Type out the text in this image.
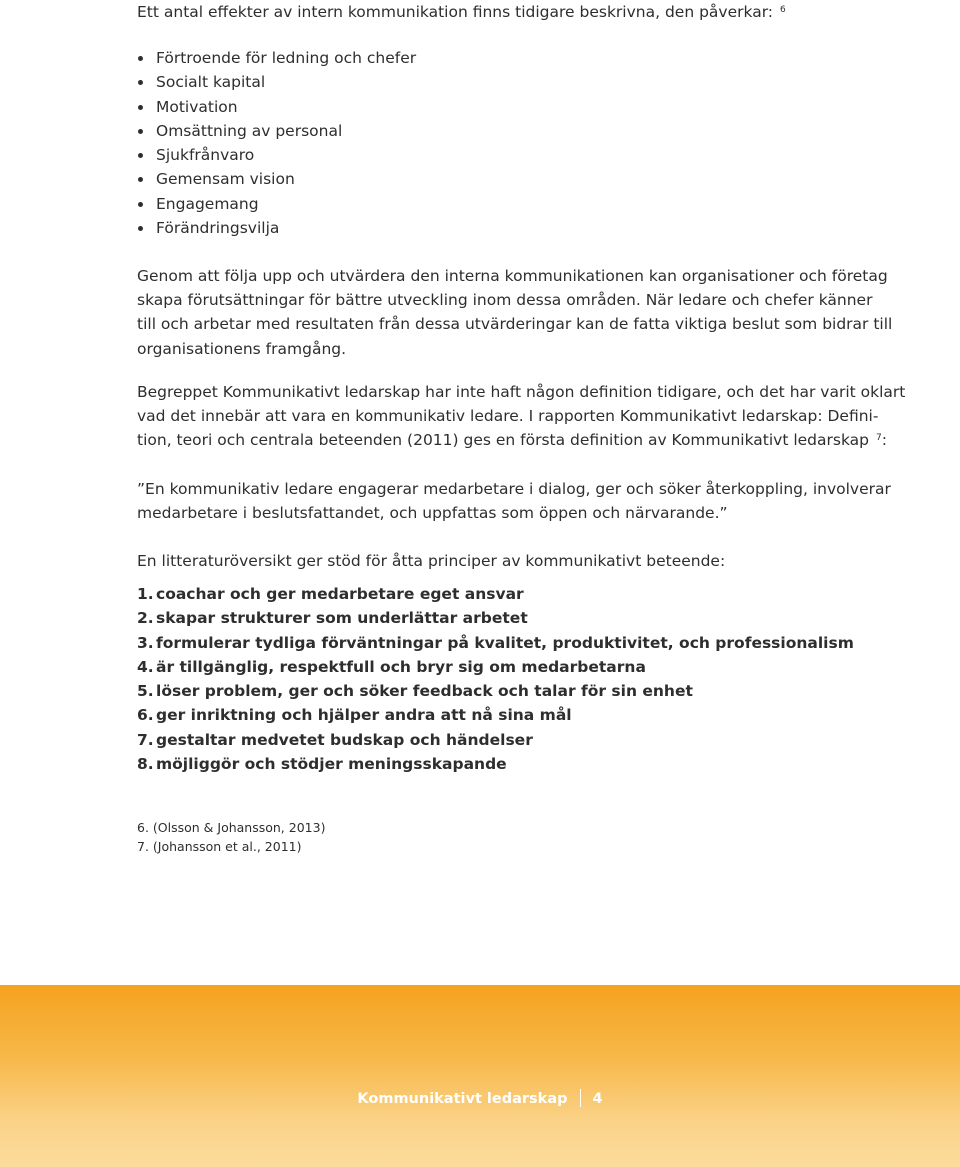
Ett antal effekter av intern kommunikation finns tidigare beskrivna, den påverkar: $^6$
Förtroende för ledning och chefer
Socialt kapital
Motivation
Omsättning av personal
Sjukfrånvaro
Gemensam vision
Engagemang
Förändringsvilja

Genom att följa upp och utvärdera den interna kommunikationen kan organisationer och företag
skapa förutsättningar för bättre utveckling inom dessa områden. När ledare och chefer känner
till och arbetar med resultaten från dessa utvärderingar kan de fatta viktiga beslut som bidrar till
organisationens framgång.

Begreppet Kommunikativt ledarskap har inte haft någon definition tidigare, och det har varit oklart
vad det innebär att vara en kommunikativ ledare. I rapporten Kommunikativt ledarskap: Defini-
tion, teori och centrala beteenden (2011) ges en första definition av Kommunikativt ledarskap $^7$:

”En kommunikativ ledare engagerar medarbetare i dialog, ger och söker återkoppling, involverar
medarbetare i beslutsfattandet, och uppfattas som öppen och närvarande.”

En litteraturöversikt ger stöd för åtta principer av kommunikativt beteende:

1. coachar och ger medarbetare eget ansvar
2. skapar strukturer som underlättar arbetet
3. formulerar tydliga förväntningar på kvalitet, produktivitet, och professionalism
4. är tillgänglig, respektfull och bryr sig om medarbetarna
5. löser problem, ger och söker feedback och talar för sin enhet
6. ger inriktning och hjälper andra att nå sina mål
7. gestaltar medvetet budskap och händelser
8. möjliggör och stödjer meningsskapande
6. (Olsson & Johansson, 2013)
7. (Johansson et al., 2011)
Kommunikativt ledarskap 4
